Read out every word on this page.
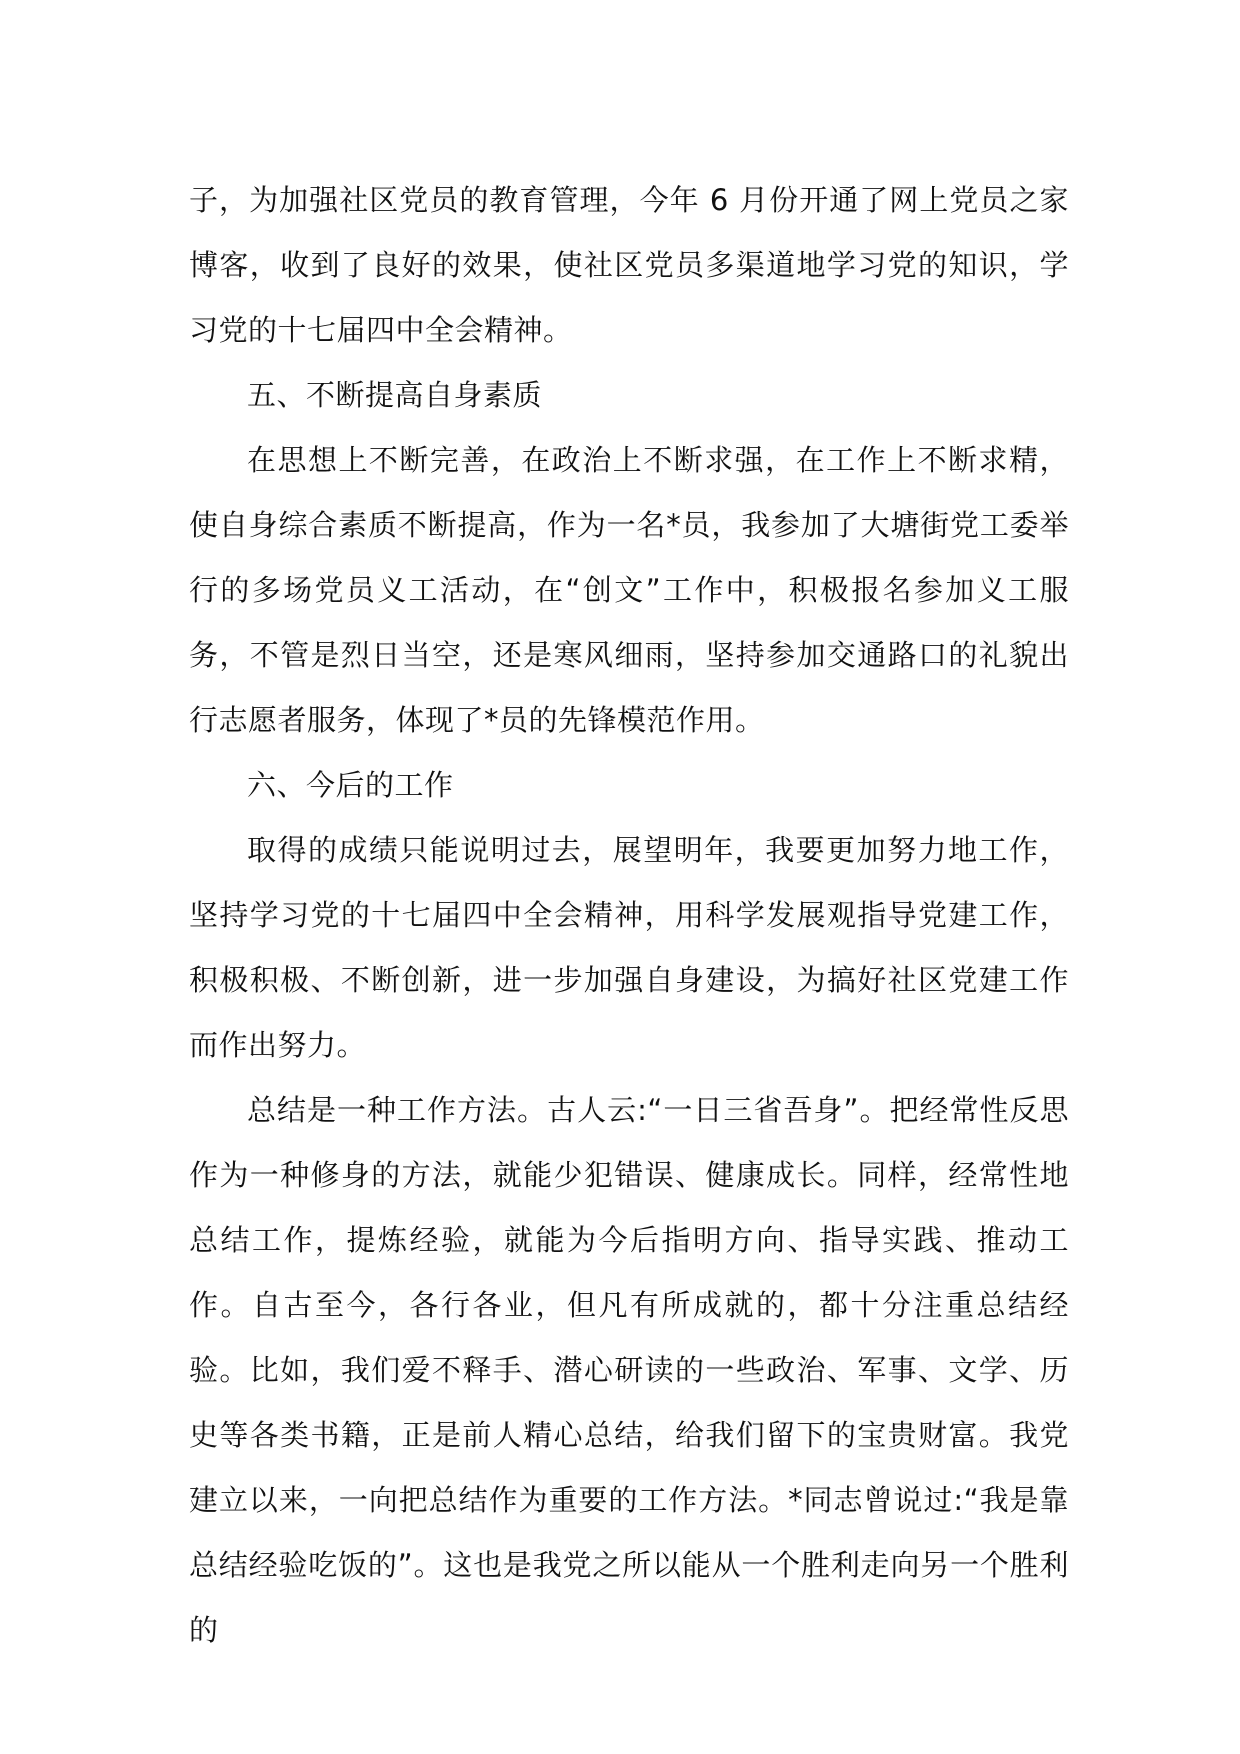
子，为加强社区党员的教育管理，今年 6 月份开通了网上党员之家博客，收到了良好的效果，使社区党员多渠道地学习党的知识，学习党的十七届四中全会精神。

五、不断提高自身素质

在思想上不断完善，在政治上不断求强，在工作上不断求精，使自身综合素质不断提高，作为一名*员，我参加了大塘街党工委举行的多场党员义工活动，在“创文”工作中，积极报名参加义工服务，不管是烈日当空，还是寒风细雨，坚持参加交通路口的礼貌出行志愿者服务，体现了*员的先锋模范作用。

六、今后的工作

取得的成绩只能说明过去，展望明年，我要更加努力地工作，坚持学习党的十七届四中全会精神，用科学发展观指导党建工作，积极积极、不断创新，进一步加强自身建设，为搞好社区党建工作而作出努力。

总结是一种工作方法。古人云:“一日三省吾身”。把经常性反思作为一种修身的方法，就能少犯错误、健康成长。同样，经常性地总结工作，提炼经验，就能为今后指明方向、指导实践、推动工作。自古至今，各行各业，但凡有所成就的，都十分注重总结经验。比如，我们爱不释手、潜心研读的一些政治、军事、文学、历史等各类书籍，正是前人精心总结，给我们留下的宝贵财富。我党建立以来，一向把总结作为重要的工作方法。*同志曾说过:“我是靠总结经验吃饭的”。这也是我党之所以能从一个胜利走向另一个胜利的
